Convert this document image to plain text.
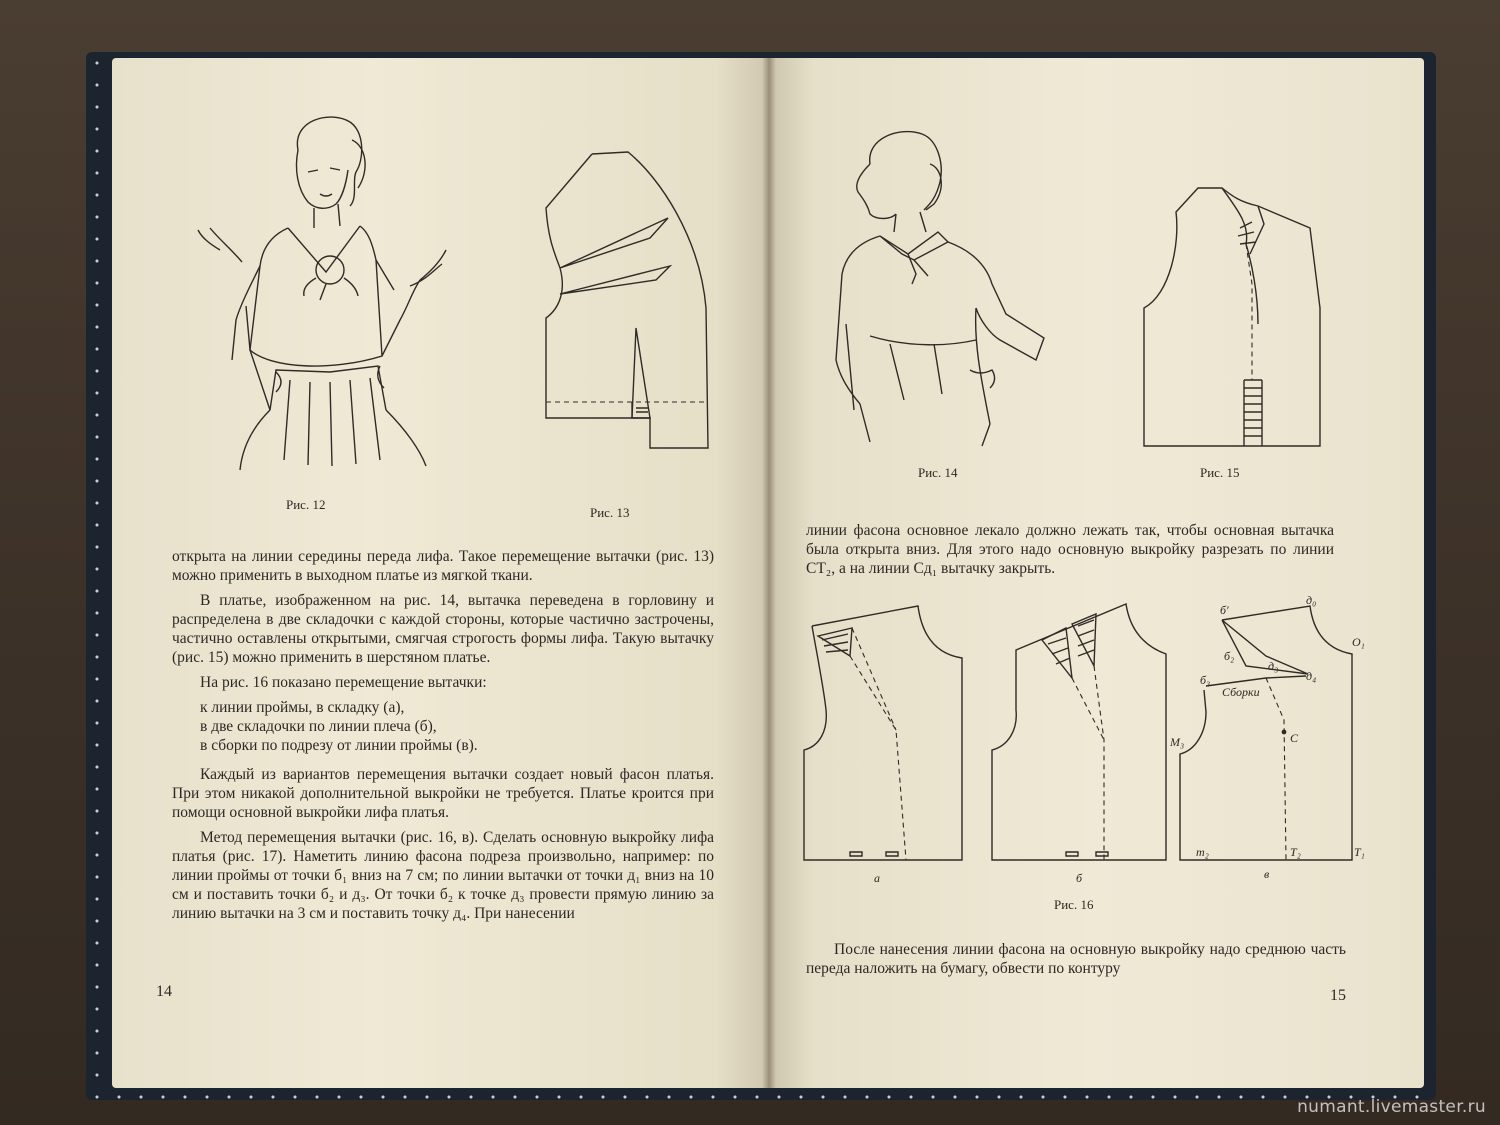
Рис. 12
Рис. 13

открыта на линии середины переда лифа. Такое перемещение вытачки (рис. 13) можно применить в выходном платье из мягкой ткани.

В платье, изображенном на рис. 14, вытачка переведена в горловину и распределена в две складочки с каждой стороны, которые частично застрочены, частично оставлены открытыми, смягчая строгость формы лифа. Такую вытачку (рис. 15) можно применить в шерстяном платье.

На рис. 16 показано перемещение вытачки:

к линии проймы, в складку (а),
в две складочки по линии плеча (б),
в сборки по подрезу от линии проймы (в).

Каждый из вариантов перемещения вытачки создает новый фасон платья. При этом никакой дополнительной выкройки не требуется. Платье кроится при помощи основной выкройки лифа платья.

Метод перемещения вытачки (рис. 16, в). Сделать основную выкройку лифа платья (рис. 17). Наметить линию фасона подреза произвольно, например: по линии проймы от точки б₁ вниз на 7 см; по линии вытачки от точки д₁ вниз на 10 см и поставить точки б₂ и д₃. От точки б₂ к точке д₃ провести прямую линию за линию вытачки на 3 см и поставить точку д₄. При нанесении

14
Рис. 14	Рис. 15
линии фасона основное лекало должно лежать так, чтобы основная вытачка была открыта вниз. Для этого надо основную выкройку разрезать по линии СТ₂, а на линии Сд₁ вытачку закрыть.
а	б
б′
д₀
О₁
б₂
д₃
д₄
б₃
Сборки
С
М₃
т₂	Т₂	Т₁
в
Рис. 16

После нанесения линии фасона на основную выкройку надо среднюю часть переда наложить на бумагу, обвести по контуру

15
numant.livemaster.ru
